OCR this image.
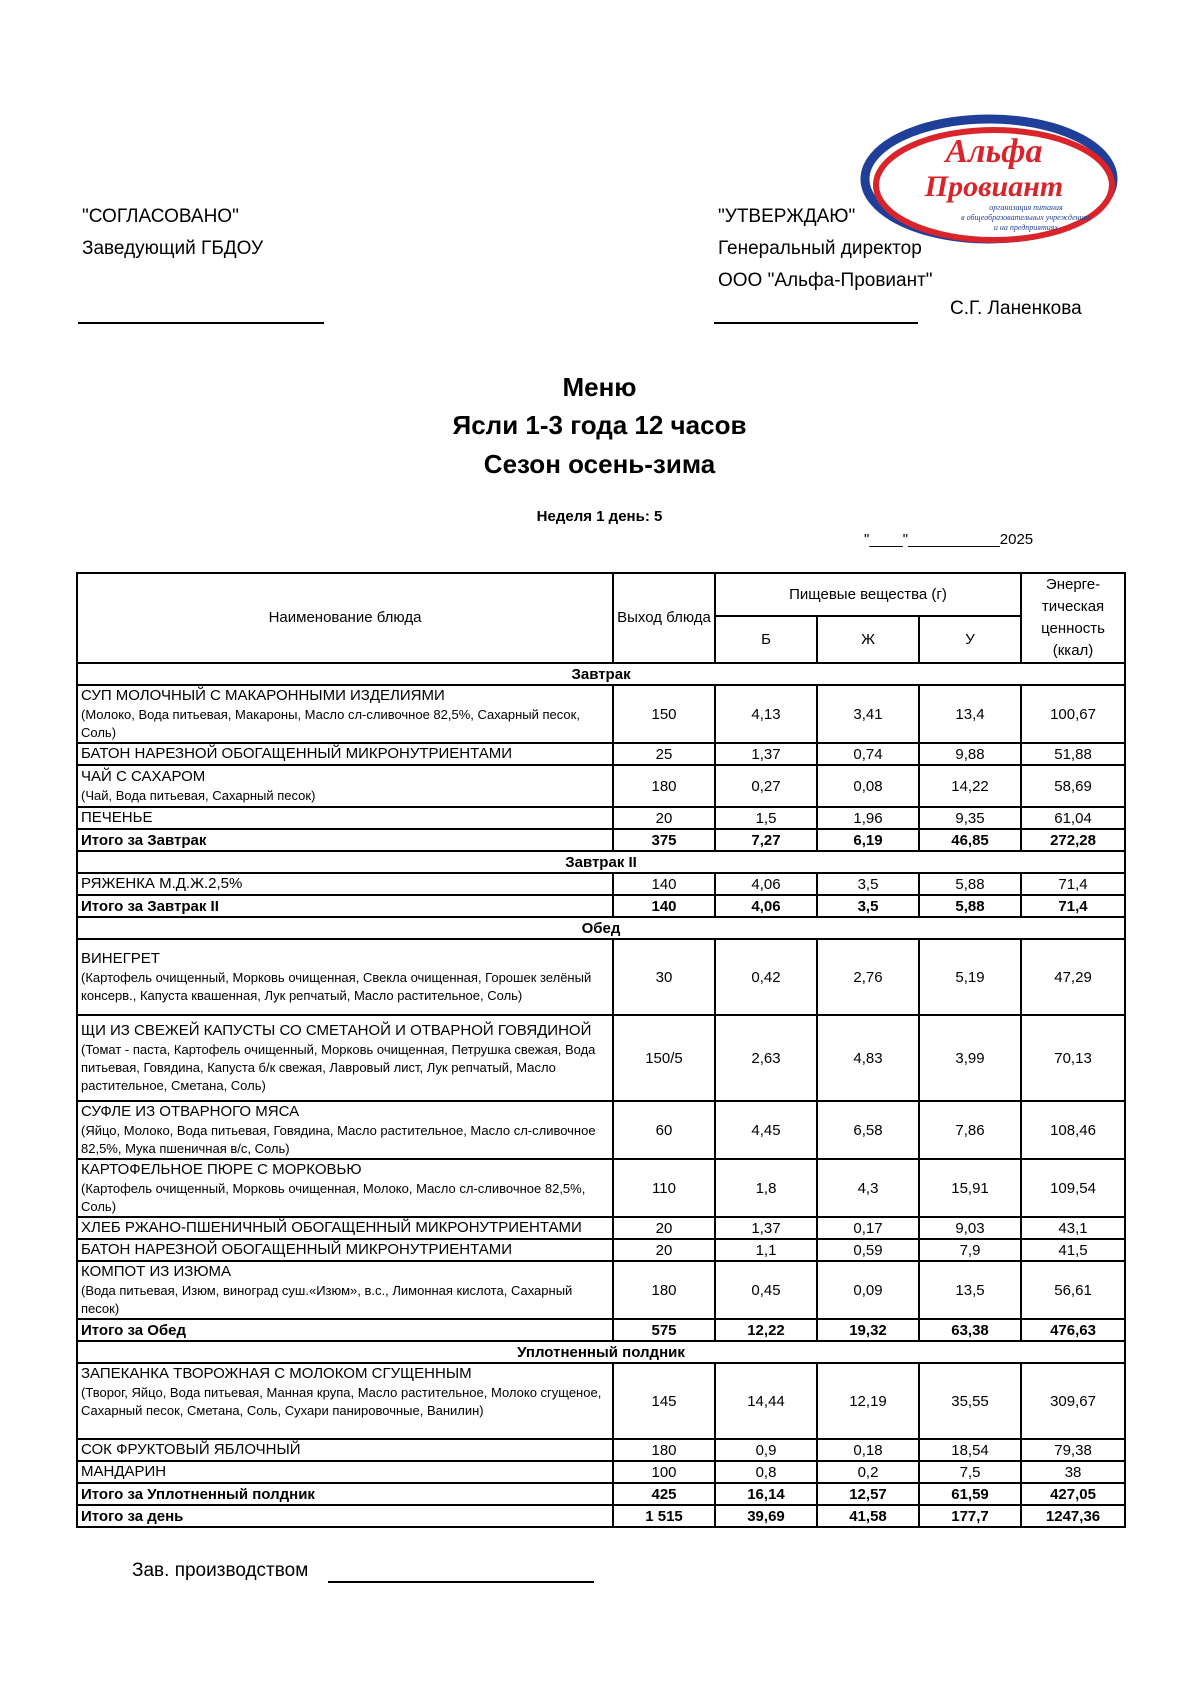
"СОГЛАСОВАНО"
Заведующий ГБДОУ
"УТВЕРЖДАЮ"
Генеральный директор
ООО "Альфа-Провиант"
С.Г. Ланенкова
Альфа
Провиант
организация питания
в общеобразовательных учреждениях
и на предприятиях
Меню
Ясли 1-3 года 12 часов
Сезон осень-зима
Неделя 1 день: 5
"____"___________2025
Наименование блюда	Выход блюда	Пищевые вещества (г)			Энерге-тическая ценность (ккал)
		Б	Ж	У	
Завтрак					

СУП МОЛОЧНЫЙ С МАКАРОННЫМИ ИЗДЕЛИЯМИ
(Молоко, Вода питьевая, Макароны, Масло сл-сливочное 82,5%, Сахарный песок, Соль)	150	4,13	3,41	13,4	100,67

БАТОН НАРЕЗНОЙ ОБОГАЩЕННЫЙ МИКРОНУТРИЕНТАМИ	25	1,37	0,74	9,88	51,88

ЧАЙ С САХАРОМ
(Чай, Вода питьевая, Сахарный песок)	180	0,27	0,08	14,22	58,69

ПЕЧЕНЬЕ	20	1,5	1,96	9,35	61,04
Итого за Завтрак	375	7,27	6,19	46,85	272,28
Завтрак II					

РЯЖЕНКА М.Д.Ж.2,5%	140	4,06	3,5	5,88	71,4
Итого за Завтрак II	140	4,06	3,5	5,88	71,4
Обед					

ВИНЕГРЕТ
(Картофель очищенный, Морковь очищенная, Свекла очищенная, Горошек зелёный консерв., Капуста квашенная, Лук репчатый, Масло растительное, Соль)	30	0,42	2,76	5,19	47,29

ЩИ ИЗ СВЕЖЕЙ КАПУСТЫ СО СМЕТАНОЙ И ОТВАРНОЙ ГОВЯДИНОЙ
(Томат - паста, Картофель очищенный, Морковь очищенная, Петрушка свежая, Вода питьевая, Говядина, Капуста б/к свежая, Лавровый лист, Лук репчатый, Масло растительное, Сметана, Соль)	150/5	2,63	4,83	3,99	70,13

СУФЛЕ ИЗ ОТВАРНОГО МЯСА
(Яйцо, Молоко, Вода питьевая, Говядина, Масло растительное, Масло сл-сливочное 82,5%, Мука пшеничная в/с, Соль)	60	4,45	6,58	7,86	108,46

КАРТОФЕЛЬНОЕ ПЮРЕ С МОРКОВЬЮ
(Картофель очищенный, Морковь очищенная, Молоко, Масло сл-сливочное 82,5%, Соль)	110	1,8	4,3	15,91	109,54

ХЛЕБ РЖАНО-ПШЕНИЧНЫЙ ОБОГАЩЕННЫЙ МИКРОНУТРИЕНТАМИ	20	1,37	0,17	9,03	43,1

БАТОН НАРЕЗНОЙ ОБОГАЩЕННЫЙ МИКРОНУТРИЕНТАМИ	20	1,1	0,59	7,9	41,5

КОМПОТ ИЗ ИЗЮМА
(Вода питьевая, Изюм, виноград суш.«Изюм», в.с., Лимонная кислота, Сахарный песок)	180	0,45	0,09	13,5	56,61
Итого за Обед	575	12,22	19,32	63,38	476,63
Уплотненный полдник					

ЗАПЕКАНКА ТВОРОЖНАЯ С МОЛОКОМ СГУЩЕННЫМ
(Творог, Яйцо, Вода питьевая, Манная крупа, Масло растительное, Молоко сгущеное, Сахарный песок, Сметана, Соль, Сухари панировочные, Ванилин)	145	14,44	12,19	35,55	309,67

СОК ФРУКТОВЫЙ ЯБЛОЧНЫЙ	180	0,9	0,18	18,54	79,38

МАНДАРИН	100	0,8	0,2	7,5	38
Итого за Уплотненный полдник	425	16,14	12,57	61,59	427,05
Итого за день	1 515	39,69	41,58	177,7	1247,36
Зав. производством
